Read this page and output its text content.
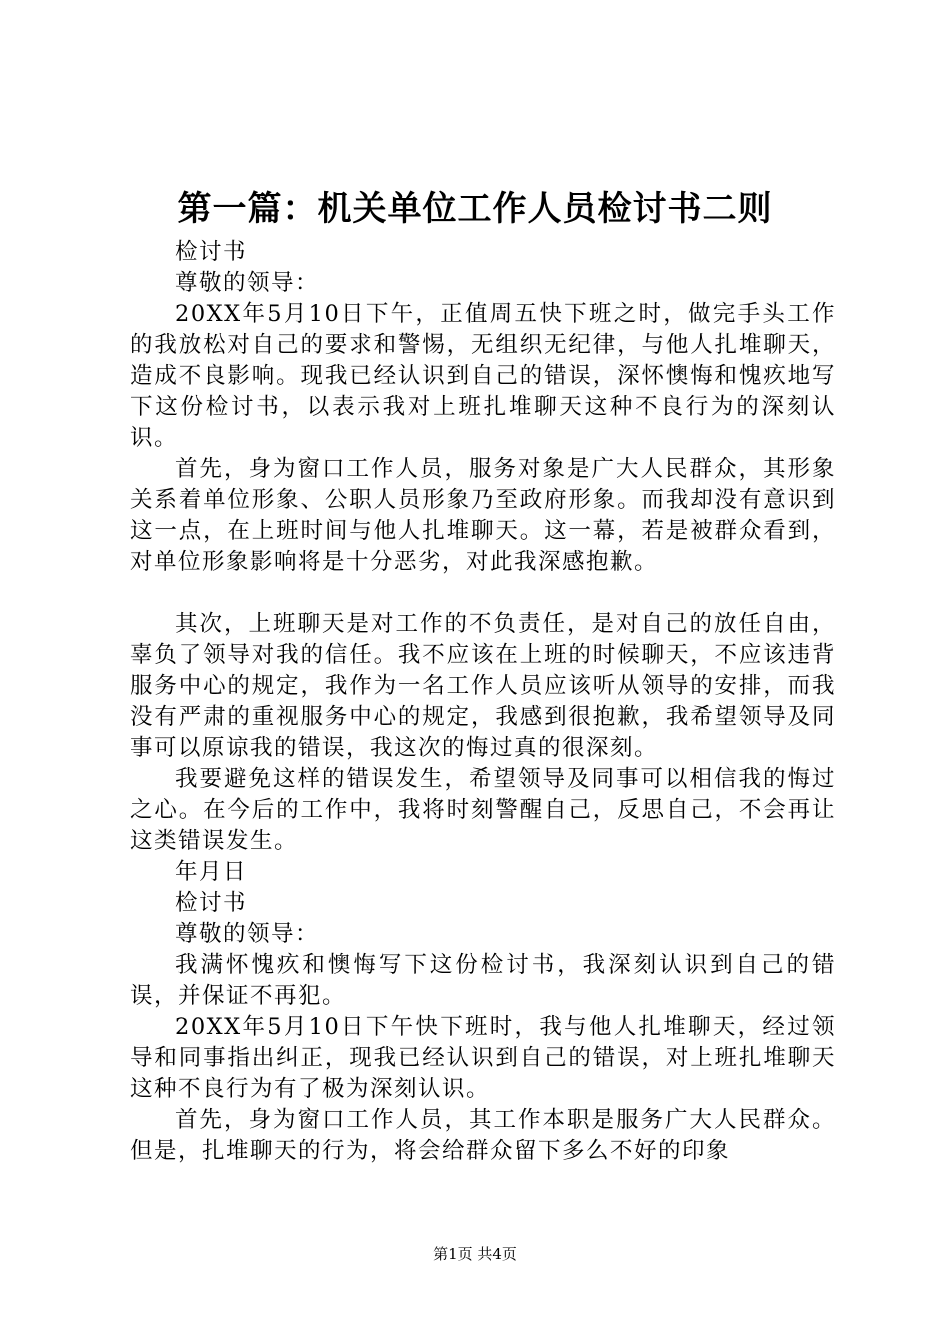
第一篇：机关单位工作人员检讨书二则

检讨书

尊敬的领导：

20XX年5月10日下午，正值周五快下班之时，做完手头工作的我放松对自己的要求和警惕，无组织无纪律，与他人扎堆聊天，造成不良影响。现我已经认识到自己的错误，深怀懊悔和愧疚地写下这份检讨书，以表示我对上班扎堆聊天这种不良行为的深刻认识。

首先，身为窗口工作人员，服务对象是广大人民群众，其形象关系着单位形象、公职人员形象乃至政府形象。而我却没有意识到这一点，在上班时间与他人扎堆聊天。这一幕，若是被群众看到，对单位形象影响将是十分恶劣，对此我深感抱歉。

其次，上班聊天是对工作的不负责任，是对自己的放任自由，辜负了领导对我的信任。我不应该在上班的时候聊天，不应该违背服务中心的规定，我作为一名工作人员应该听从领导的安排，而我没有严肃的重视服务中心的规定，我感到很抱歉，我希望领导及同事可以原谅我的错误，我这次的悔过真的很深刻。

我要避免这样的错误发生，希望领导及同事可以相信我的悔过之心。在今后的工作中，我将时刻警醒自己，反思自己，不会再让这类错误发生。

年月日

检讨书

尊敬的领导：

我满怀愧疚和懊悔写下这份检讨书，我深刻认识到自己的错误，并保证不再犯。

20XX年5月10日下午快下班时，我与他人扎堆聊天，经过领导和同事指出纠正，现我已经认识到自己的错误，对上班扎堆聊天这种不良行为有了极为深刻认识。

首先，身为窗口工作人员，其工作本职是服务广大人民群众。但是，扎堆聊天的行为，将会给群众留下多么不好的印象

第1页 共4页
